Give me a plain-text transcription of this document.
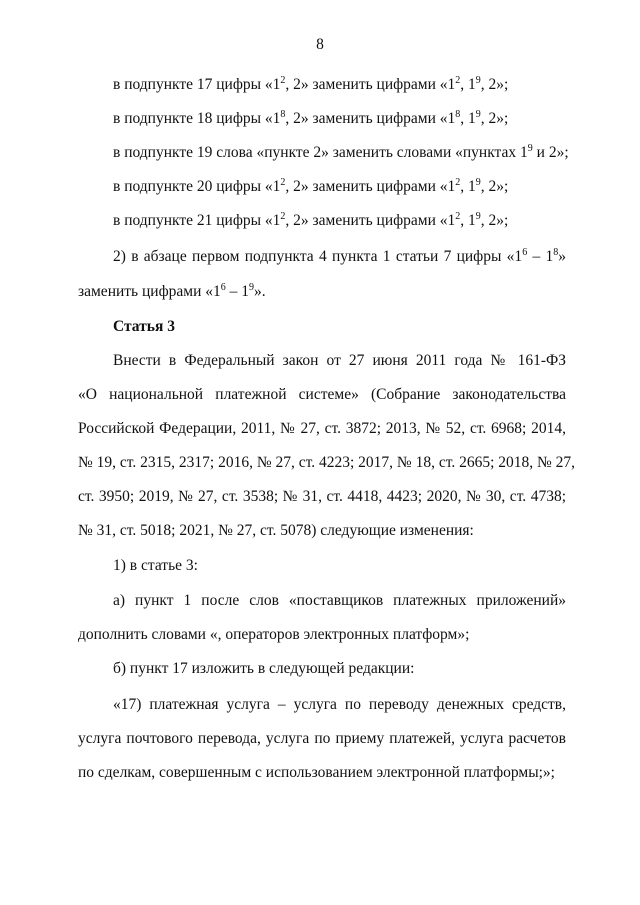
8
в подпункте 17 цифры «$1^2$, 2» заменить цифрами «$1^2$, $1^9$, 2»;
в подпункте 18 цифры «$1^8$, 2» заменить цифрами «$1^8$, $1^9$, 2»;
в подпункте 19 слова «пункте 2» заменить словами «пунктах $1^9$ и 2»;
в подпункте 20 цифры «$1^2$, 2» заменить цифрами «$1^2$, $1^9$, 2»;
в подпункте 21 цифры «$1^2$, 2» заменить цифрами «$1^2$, $1^9$, 2»;
2) в абзаце первом подпункта 4 пункта 1 статьи 7 цифры «$1^6 - 1^8$»
заменить цифрами «$1^6 - 1^9$».
Статья 3
Внести в Федеральный закон от 27 июня 2011 года № 161-ФЗ
«О национальной платежной системе» (Собрание законодательства
Российской Федерации, 2011, № 27, ст. 3872; 2013, № 52, ст. 6968; 2014,
№ 19, ст. 2315, 2317; 2016, № 27, ст. 4223; 2017, № 18, ст. 2665; 2018, № 27,
ст. 3950; 2019, № 27, ст. 3538; № 31, ст. 4418, 4423; 2020, № 30, ст. 4738;
№ 31, ст. 5018; 2021, № 27, ст. 5078) следующие изменения:
1) в статье 3:
а) пункт 1 после слов «поставщиков платежных приложений»
дополнить словами «, операторов электронных платформ»;
б) пункт 17 изложить в следующей редакции:
«17) платежная услуга – услуга по переводу денежных средств,
услуга почтового перевода, услуга по приему платежей, услуга расчетов
по сделкам, совершенным с использованием электронной платформы;»;
